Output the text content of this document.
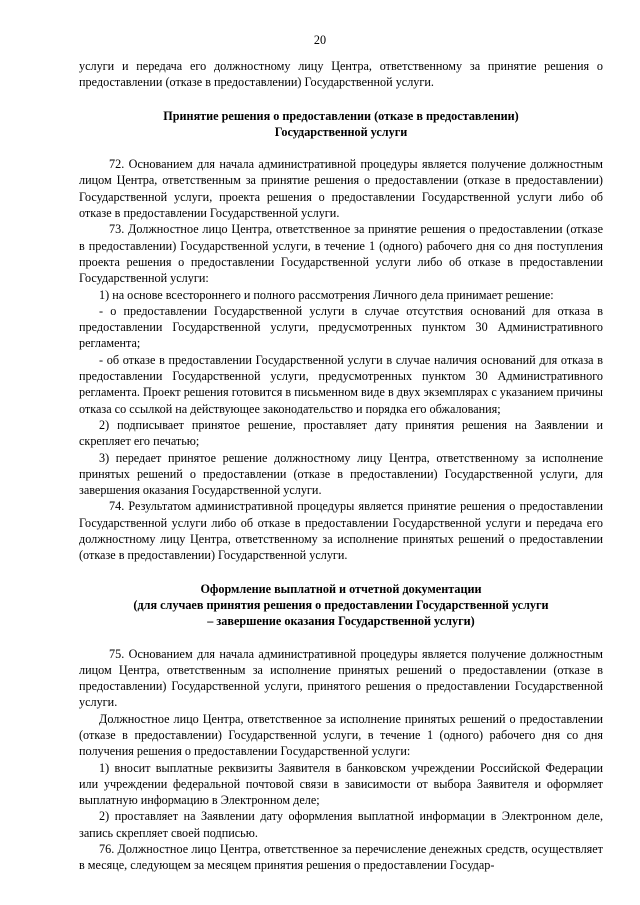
20

услуги и передача его должностному лицу Центра, ответственному за принятие решения о предоставлении (отказе в предоставлении) Государственной услуги.

Принятие решения о предоставлении (отказе в предоставлении)
Государственной услуги

72. Основанием для начала административной процедуры является получение должностным лицом Центра, ответственным за принятие решения о предоставлении (отказе в предоставлении) Государственной услуги, проекта решения о предоставлении Государственной услуги либо об отказе в предоставлении Государственной услуги.

73. Должностное лицо Центра, ответственное за принятие решения о предоставлении (отказе в предоставлении) Государственной услуги, в течение 1 (одного) рабочего дня со дня поступления проекта решения о предоставлении Государственной услуги либо об отказе в предоставлении Государственной услуги:

1) на основе всестороннего и полного рассмотрения Личного дела принимает решение:

- о предоставлении Государственной услуги в случае отсутствия оснований для отказа в предоставлении Государственной услуги, предусмотренных пунктом 30 Административного регламента;

- об отказе в предоставлении Государственной услуги в случае наличия оснований для отказа в предоставлении Государственной услуги, предусмотренных пунктом 30 Административного регламента. Проект решения готовится в письменном виде в двух экземплярах с указанием причины отказа со ссылкой на действующее законодательство и порядка его обжалования;

2) подписывает принятое решение, проставляет дату принятия решения на Заявлении и скрепляет его печатью;

3) передает принятое решение должностному лицу Центра, ответственному за исполнение принятых решений о предоставлении (отказе в предоставлении) Государственной услуги, для завершения оказания Государственной услуги.

74. Результатом административной процедуры является принятие решения о предоставлении Государственной услуги либо об отказе в предоставлении Государственной услуги и передача его должностному лицу Центра, ответственному за исполнение принятых решений о предоставлении (отказе в предоставлении) Государственной услуги.

Оформление выплатной и отчетной документации
(для случаев принятия решения о предоставлении Государственной услуги
– завершение оказания Государственной услуги)

75. Основанием для начала административной процедуры является получение должностным лицом Центра, ответственным за исполнение принятых решений о предоставлении (отказе в предоставлении) Государственной услуги, принятого решения о предоставлении Государственной услуги.

Должностное лицо Центра, ответственное за исполнение принятых решений о предоставлении (отказе в предоставлении) Государственной услуги, в течение 1 (одного) рабочего дня со дня получения решения о предоставлении Государственной услуги:

1) вносит выплатные реквизиты Заявителя в банковском учреждении Российской Федерации или учреждении федеральной почтовой связи в зависимости от выбора Заявителя и оформляет выплатную информацию в Электронном деле;

2) проставляет на Заявлении дату оформления выплатной информации в Электронном деле, запись скрепляет своей подписью.

76. Должностное лицо Центра, ответственное за перечисление денежных средств, осуществляет в месяце, следующем за месяцем принятия решения о предоставлении Государ-
